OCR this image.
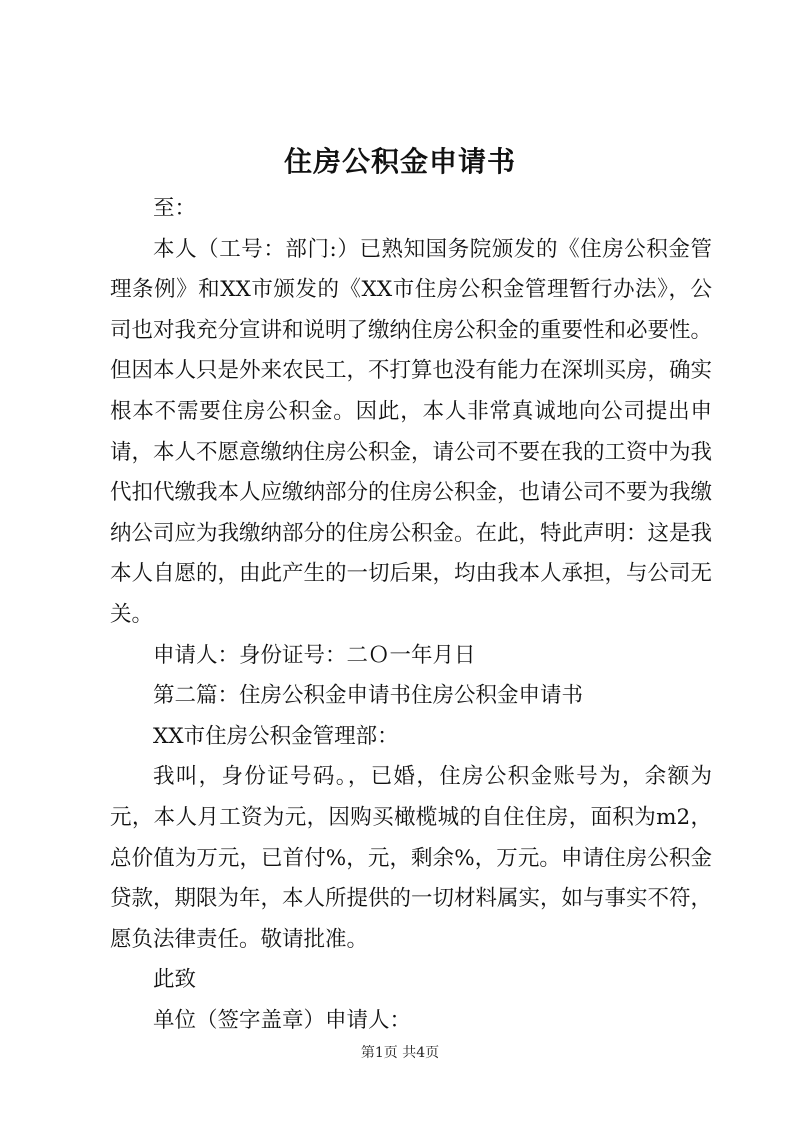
住房公积金申请书

至：

本人（工号：部门:）已熟知国务院颁发的《住房公积金管理条例》和XX市颁发的《XX市住房公积金管理暂行办法》，公司也对我充分宣讲和说明了缴纳住房公积金的重要性和必要性。但因本人只是外来农民工，不打算也没有能力在深圳买房，确实根本不需要住房公积金。因此，本人非常真诚地向公司提出申请，本人不愿意缴纳住房公积金，请公司不要在我的工资中为我代扣代缴我本人应缴纳部分的住房公积金，也请公司不要为我缴纳公司应为我缴纳部分的住房公积金。在此，特此声明：这是我本人自愿的，由此产生的一切后果，均由我本人承担，与公司无关。

申请人：身份证号：二Ｏ一年月日

第二篇：住房公积金申请书住房公积金申请书

XX市住房公积金管理部：

我叫，身份证号码。，已婚，住房公积金账号为，余额为元，本人月工资为元，因购买橄榄城的自住住房，面积为m2，总价值为万元，已首付%，元，剩余%，万元。申请住房公积金贷款，期限为年，本人所提供的一切材料属实，如与事实不符，愿负法律责任。敬请批准。

此致

单位（签字盖章）申请人：

第1页 共4页
